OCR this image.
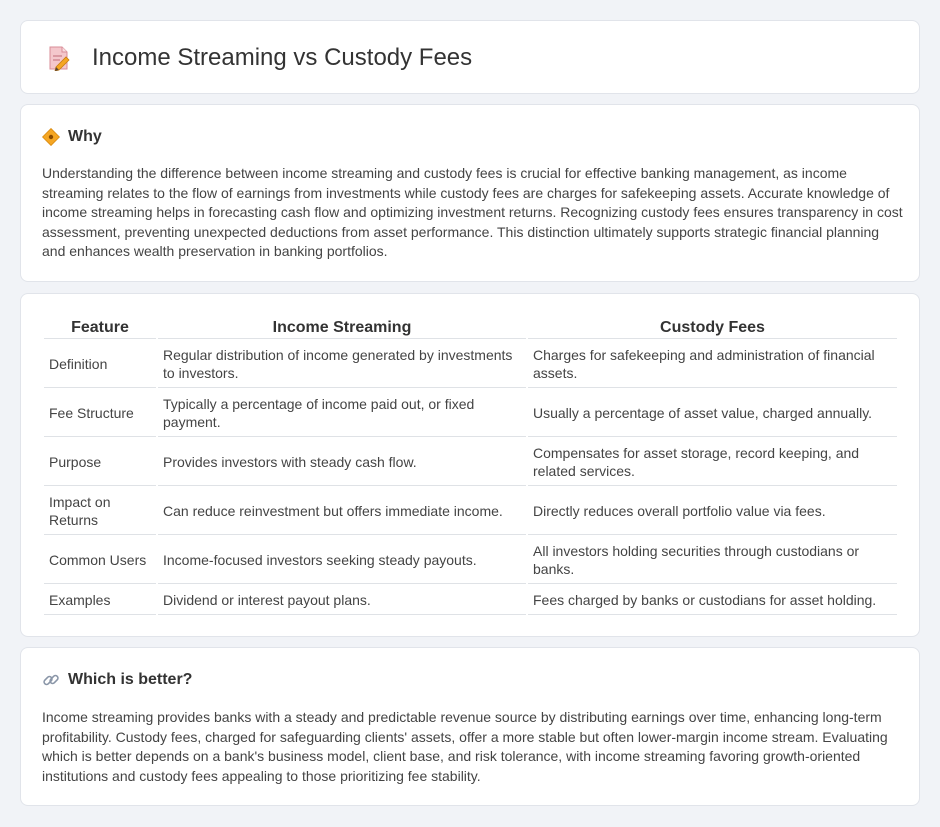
Income Streaming vs Custody Fees
Why

Understanding the difference between income streaming and custody fees is crucial for effective banking management, as income streaming relates to the flow of earnings from investments while custody fees are charges for safekeeping assets. Accurate knowledge of income streaming helps in forecasting cash flow and optimizing investment returns. Recognizing custody fees ensures transparency in cost assessment, preventing unexpected deductions from asset performance. This distinction ultimately supports strategic financial planning and enhances wealth preservation in banking portfolios.

Feature	Income Streaming	Custody Fees
Definition	Regular distribution of income generated by investments to investors.	Charges for safekeeping and administration of financial assets.
Fee Structure	Typically a percentage of income paid out, or fixed payment.	Usually a percentage of asset value, charged annually.
Purpose	Provides investors with steady cash flow.	Compensates for asset storage, record keeping, and related services.
Impact on Returns	Can reduce reinvestment but offers immediate income.	Directly reduces overall portfolio value via fees.
Common Users	Income-focused investors seeking steady payouts.	All investors holding securities through custodians or banks.
Examples	Dividend or interest payout plans.	Fees charged by banks or custodians for asset holding.
Which is better?

Income streaming provides banks with a steady and predictable revenue source by distributing earnings over time, enhancing long-term profitability. Custody fees, charged for safeguarding clients' assets, offer a more stable but often lower-margin income stream. Evaluating which is better depends on a bank's business model, client base, and risk tolerance, with income streaming favoring growth-oriented institutions and custody fees appealing to those prioritizing fee stability.
